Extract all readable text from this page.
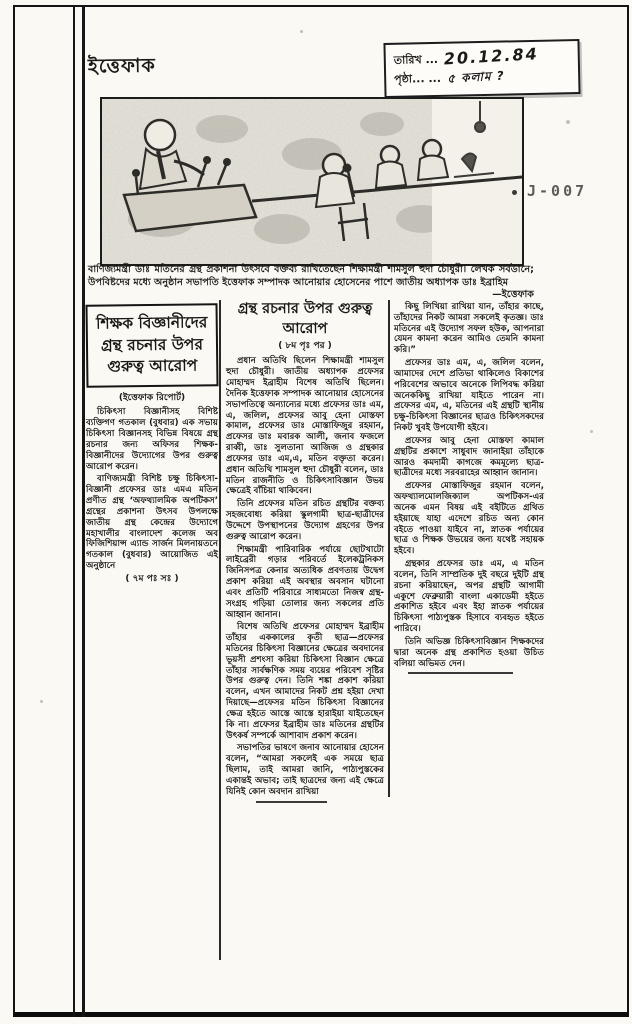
ইত্তেফাক	তারিখ ... 20.12.84
পৃষ্ঠা... ... ৫ কলাম ?
J-007
বাণিজ্যমন্ত্রী ডাঃ মতিনের গ্রন্থ প্রকাশনা উৎসবে বক্তব্য রাখিতেছেন শিক্ষামন্ত্রী শামসুল হুদা চৌধুরী। লেখক সর্বডানে; উপবিষ্টদের মধ্যে অনুষ্ঠান সভাপতি ইত্তেফাক সম্পাদক আনোয়ার হোসেনের পাশে জাতীয় অধ্যাপক ডাঃ ইব্রাহিম
—ইত্তেফাক
শিক্ষক বিজ্ঞানীদের গ্রন্থ রচনার উপর গুরুত্ব আরোপ
(ইত্তেফাক রিপোর্ট)

চিকিৎসা বিজ্ঞানীসহ বিশিষ্ট ব্যক্তিগণ গতকাল (বুধবার) এক সভায় চিকিৎসা বিজ্ঞানসহ বিভিন্ন বিষয়ে গ্রন্থ রচনার জন্য অফিসর শিক্ষক-বিজ্ঞানীদের উদ্যোগের উপর গুরুত্ব আরোপ করেন।

বাণিজ্যমন্ত্রী বিশিষ্ট চক্ষু চিকিৎসা-বিজ্ঞানী প্রফেসর ডাঃ এমএ মতিন প্রণীত গ্রন্থ ‘অফথ্যালমিক অপটিকস’ গ্রন্থের প্রকাশনা উৎসব উপলক্ষে জাতীয় গ্রন্থ কেন্দ্রের উদ্যোগে মহাখালীর বাংলাদেশ কলেজ অব ফিজিশিয়ান্স এ্যান্ড সার্জন মিলনায়তনে গতকাল (বুধবার) আয়োজিত এই অনুষ্ঠানে

( ৭ম পঃ সঃ )
গ্রন্থ রচনার উপর গুরুত্ব আরোপ
( ৮ম পৃঃ পর )

প্রধান অতিথি ছিলেন শিক্ষামন্ত্রী শামসুল হুদা চৌধুরী। জাতীয় অধ্যাপক প্রফেসর মোহাম্মদ ইব্রাহীম বিশেষ অতিথি ছিলেন। দৈনিক ইত্তেফাক সম্পাদক আনোয়ার হোসেনের সভাপতিত্বে অন্যান্যের মধ্যে প্রফেসর ডাঃ এম, এ, জলিল, প্রফেসর আবু হেনা মোস্তফা কামাল, প্রফেসর ডাঃ মোস্তাফিজুর রহমান, প্রফেসর ডাঃ মবারক আলী, জনাব ফজলে রাব্বী, ডাঃ সুলতানা আজিজ ও গ্রন্থকার প্রফেসর ডাঃ এম,এ, মতিন বক্তৃতা করেন। প্রধান অতিথি শামসুল হুদা চৌধুরী বলেন, ডাঃ মতিন রাজনীতি ও চিকিৎসাবিজ্ঞান উভয় ক্ষেত্রেই বাঁচিয়া থাকিবেন।

তিনি প্রফেসর মতিন রচিত গ্রন্থটির বক্তব্য সহজবোধ্য করিয়া স্কুলগামী ছাত্র-ছাত্রীদের উদ্দেশে উপস্থাপনের উদ্যোগ গ্রহণের উপর গুরুত্ব আরোপ করেন।

শিক্ষামন্ত্রী পারিবারিক পর্যায়ে ছোটখাটো লাইব্রেরী গড়ার পরিবর্তে ইলেকট্রনিকস জিনিসপত্র কেনার অত্যধিক প্রবণতায় উদ্বেগ প্রকাশ করিয়া এই অবস্থার অবসান ঘটানো এবং প্রতিটি পরিবারে সাধ্যমতো নিজস্ব গ্রন্থ-সংগ্রহ গড়িয়া তোলার জন্য সকলের প্রতি আহ্বান জানান।

বিশেষ অতিথি প্রফেসর মোহাম্মদ ইব্রাহীম তাঁহার এককালের কৃতী ছাত্র—প্রফেসর মতিনের চিকিৎসা বিজ্ঞানের ক্ষেত্রের অবদানের ভূয়সী প্রশংসা করিয়া চিকিৎসা বিজ্ঞান ক্ষেত্রে তাঁহার সার্বক্ষণিক সময় ব্যয়ের পরিবেশ সৃষ্টির উপর গুরুত্ব দেন। তিনি শঙ্কা প্রকাশ করিয়া বলেন, এখন আমাদের নিকট প্রশ্ন হইয়া দেখা দিয়াছে—প্রফেসর মতিন চিকিৎসা বিজ্ঞানের ক্ষেত্র হইতে আস্তে আস্তে হারাইয়া যাইতেছেন কি না। প্রফেসর ইব্রাহীম ডাঃ মতিনের গ্রন্থটির উৎকর্ষ সম্পর্কে আশাবাদ প্রকাশ করেন।

সভাপতির ভাষণে জনাব আনোয়ার হোসেন বলেন, “আমরা সকলেই এক সময়ে ছাত্র ছিলাম, তাই আমরা জানি, পাঠ্যপুস্তকের একান্তই অভাব; তাই ছাত্রদের জন্য এই ক্ষেত্রে যিনিই কোন অবদান রাখিয়া

কিছু লিখিয়া রাখিয়া যান, তাঁহার কাছে, তাঁহাদের নিকট আমরা সকলেই কৃতজ্ঞ। ডাঃ মতিনের এই উদ্যোগ সফল হউক, আপনারা যেমন কামনা করেন আমিও তেমনি কামনা করি।”

প্রফেসর ডাঃ এম, এ, জলিল বলেন, আমাদের দেশে প্রতিভা থাকিলেও বিকাশের পরিবেশের অভাবে অনেকে লিপিবদ্ধ করিয়া অনেককিছু রাখিয়া যাইতে পারেন না। প্রফেসর এম, এ, মতিনের এই গ্রন্থটি স্থানীয় চক্ষু-চিকিৎসা বিজ্ঞানের ছাত্রও চিকিৎসকদের নিকট খুবই উপযোগী হইবে।

প্রফেসর আবু হেনা মোস্তফা কামাল গ্রন্থটির প্রকাশে সাধুবাদ জানাইয়া তাঁহাকে আরও কমদামী কাগজে কমমূল্যে ছাত্র-ছাত্রীদের মধ্যে সরবরাহের আহ্বান জানান।

প্রফেসর মোস্তাফিজুর রহমান বলেন, অফথ্যালমোলজিক্যাল অপটিকস-এর অনেক এমন বিষয় এই বইটিতে গ্রথিত হইয়াছে যাহা এদেশে রচিত অন্য কোন বইতে পাওয়া যাইবে না, স্নাতক পর্যায়ের ছাত্র ও শিক্ষক উভয়ের জন্য যথেষ্ট সহায়ক হইবে।

গ্রন্থকার প্রফেসর ডাঃ এম, এ মতিন বলেন, তিনি সাম্প্রতিক দুই বছরে দুইটি গ্রন্থ রচনা করিয়াছেন, অপর গ্রন্থটি আগামী একুশে ফেব্রুয়ারী বাংলা একাডেমী হইতে প্রকাশিত হইবে এবং ইহা স্নাতক পর্যায়ের চিকিৎসা পাঠ্যপুস্তক হিসাবে ব্যবহৃত হইতে পারিবে।

তিনি অভিজ্ঞ চিকিৎসাবিজ্ঞান শিক্ষকদের দ্বারা অনেক গ্রন্থ প্রকাশিত হওয়া উচিত বলিয়া অভিমত দেন।
